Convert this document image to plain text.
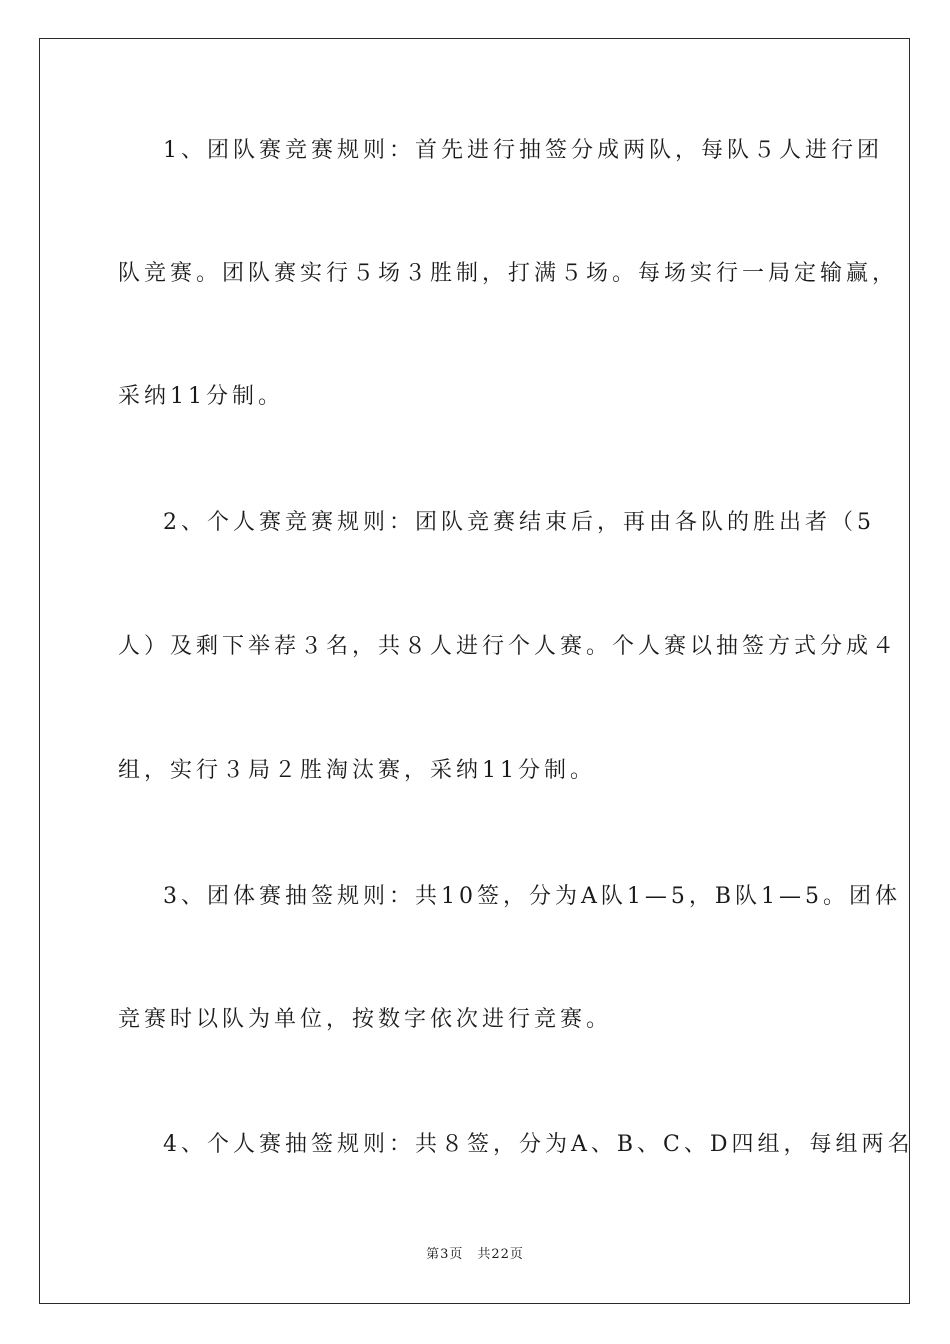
1、团队赛竞赛规则：首先进行抽签分成两队，每队５人进行团
队竞赛。团队赛实行５场３胜制，打满５场。每场实行一局定输赢，
采纳11分制。
2、个人赛竞赛规则：团队竞赛结束后，再由各队的胜出者（5
人）及剩下举荐３名，共８人进行个人赛。个人赛以抽签方式分成４
组，实行３局２胜淘汰赛，采纳11分制。
3、团体赛抽签规则：共10签，分为A队1—5，B队1—5。团体
竞赛时以队为单位，按数字依次进行竞赛。
4、个人赛抽签规则：共８签，分为A、B、C、D四组，每组两名
第3页　共22页
